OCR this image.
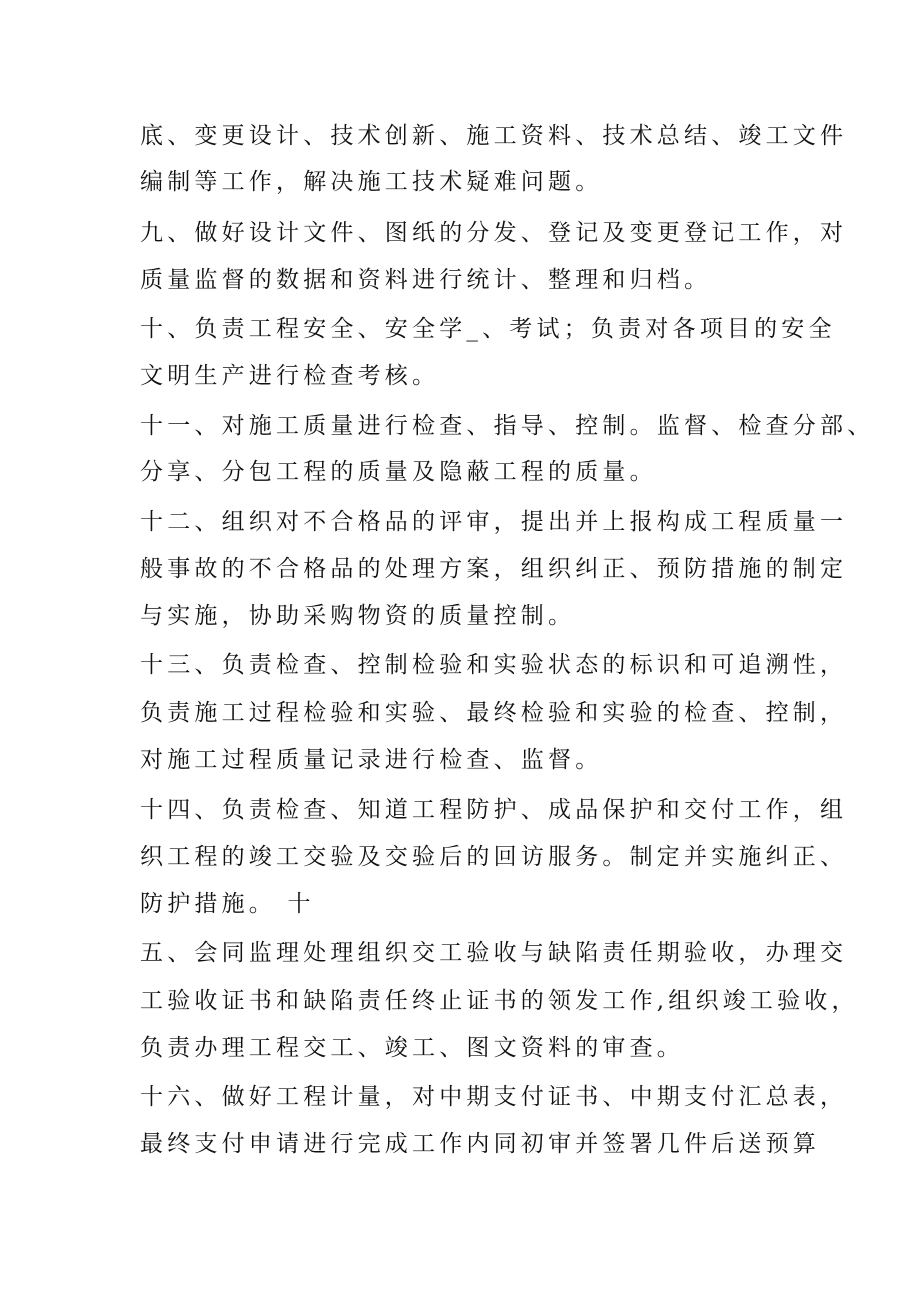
底、变更设计、技术创新、施工资料、技术总结、竣工文件
编制等工作，解决施工技术疑难问题。
九、做好设计文件、图纸的分发、登记及变更登记工作，对
质量监督的数据和资料进行统计、整理和归档。
十、负责工程安全、安全学_、考试；负责对各项目的安全
文明生产进行检查考核。
十一、对施工质量进行检查、指导、控制。监督、检查分部、
分享、分包工程的质量及隐蔽工程的质量。
十二、组织对不合格品的评审，提出并上报构成工程质量一
般事故的不合格品的处理方案，组织纠正、预防措施的制定
与实施，协助采购物资的质量控制。
十三、负责检查、控制检验和实验状态的标识和可追溯性，
负责施工过程检验和实验、最终检验和实验的检查、控制，
对施工过程质量记录进行检查、监督。
十四、负责检查、知道工程防护、成品保护和交付工作，组
织工程的竣工交验及交验后的回访服务。制定并实施纠正、
防护措施。 十
五、会同监理处理组织交工验收与缺陷责任期验收，办理交
工验收证书和缺陷责任终止证书的领发工作,组织竣工验收，
负责办理工程交工、竣工、图文资料的审查。
十六、做好工程计量，对中期支付证书、中期支付汇总表，
最终支付申请进行完成工作内同初审并签署几件后送预算
